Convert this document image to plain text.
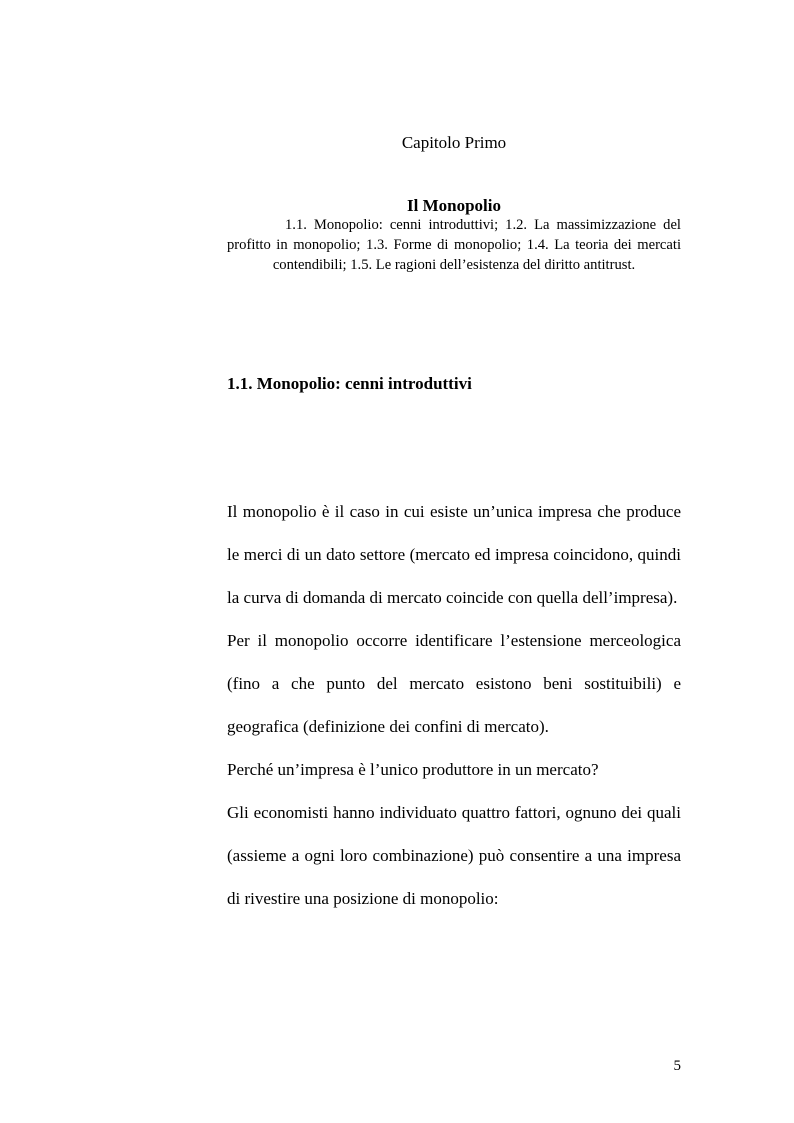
Capitolo Primo
Il Monopolio
1.1. Monopolio: cenni introduttivi; 1.2. La massimizzazione del profitto in monopolio; 1.3. Forme di monopolio; 1.4. La teoria dei mercati contendibili; 1.5. Le ragioni dell’esistenza del diritto antitrust.
1.1. Monopolio: cenni introduttivi

Il monopolio è il caso in cui esiste un’unica impresa che produce le merci di un dato settore (mercato ed impresa coincidono, quindi la curva di domanda di mercato coincide con quella dell’impresa).

Per il monopolio occorre identificare l’estensione merceologica (fino a che punto del mercato esistono beni sostituibili) e geografica (definizione dei confini di mercato).

Perché un’impresa è l’unico produttore in un mercato?

Gli economisti hanno individuato quattro fattori, ognuno dei quali (assieme a ogni loro combinazione) può consentire a una impresa di rivestire una posizione di monopolio:

5
